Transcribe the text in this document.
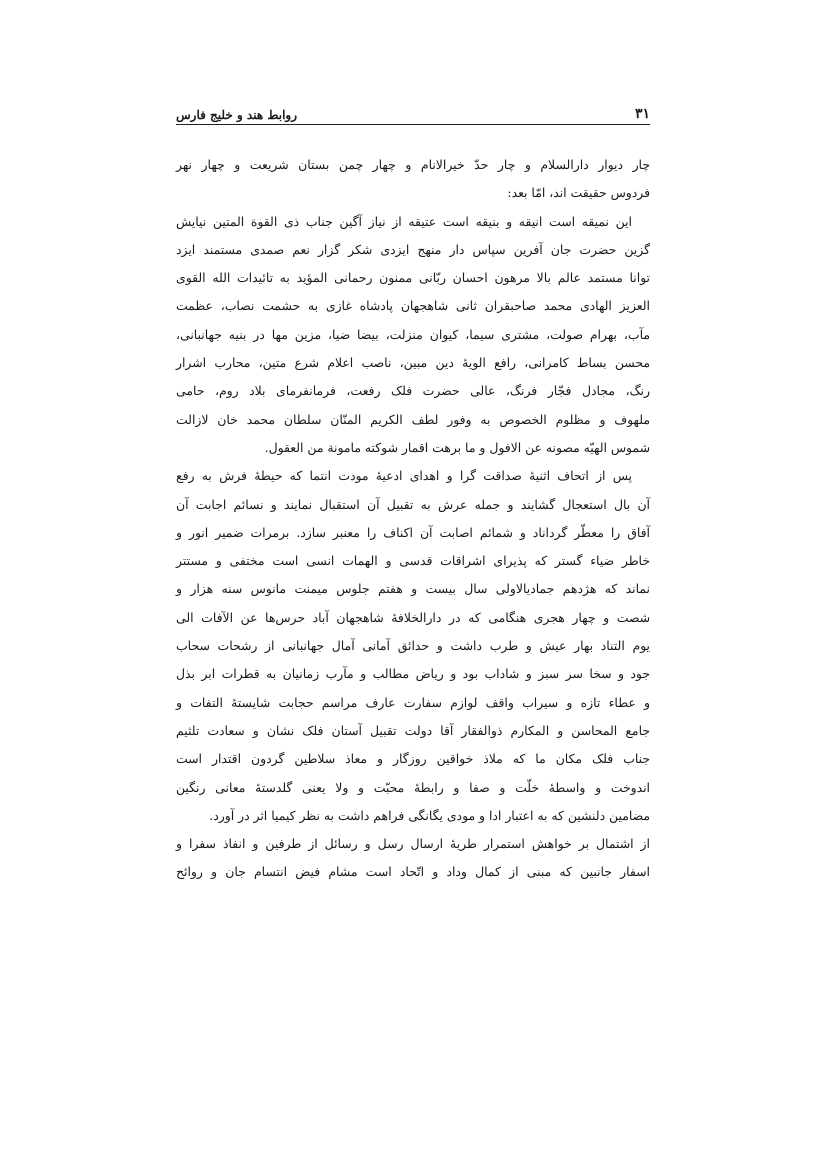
۳۱
روابط هند و خلیج فارس

چار دیوار دارالسلام و چار حدّ خیرالانام و چهار چمن بستان شریعت و چهار نهر

فردوس حقیقت اند، امّا بعد:

این نمیقه است انیقه و بنیقه است عتیقه از نیاز آگین جناب ذی القوة المتین نیایش

گزین حضرت جان آفرین سپاس دار منهج ایزدی شکر گزار نعم صمدی مستمند ایزد

توانا مستمد عالم بالا مرهون احسان ربّانی ممنون رحمانی المؤید به تائیدات الله القوی

العزیز الهادی محمد صاحبقران ثانی شاهجهان پادشاه غازی به حشمت نصاب، عظمت

مآب، بهرام صولت، مشتری سیما، کیوان منزلت، بیضا ضیا، مزین مها در بنیه جهانبانی،

محسن بساط کامرانی، رافع الویهٔ دین مبین، ناصب اعلام شرع متین، محارب اشرار

رنگ، مجادل فجّار فرنگ، عالی حضرت فلک رفعت، فرمانفرمای بلاد روم، حامی

ملهوف و مظلوم الخصوص به وفور لطف الکریم المنّان سلطان محمد خان لازالت

شموس الهیّه مصونه عن الافول و ما برهت اقمار شوکته مامونة من العقول.

پس از اتحاف اثنیهٔ صداقت گرا و اهدای ادعیهٔ مودت انتما که حیطهٔ فرش به رفع

آن بال استعجال گشایند و جمله عرش به تقبیل آن استقبال نمایند و نسائم اجابت آن

آفاق را معطّر گرداناد و شمائم اصابت آن اکناف را معنبر سازد. برمرات ضمیر انور و

خاطر ضیاء گستر که پذیرای اشراقات قدسی و الهمات انسی است مختفی و مستتر

نماند که هژدهم جمادیالاولی سال بیست و هفتم جلوس میمنت مانوس سنه هزار و

شصت و چهار هجری هنگامی که در دارالخلافهٔ شاهجهان آباد حرس‌ها عن الآفات الی

یوم التناد بهار عیش و طرب داشت و حدائق آمانی آمال جهانبانی از رشحات سحاب

جود و سخا سر سبز و شاداب بود و ریاض مطالب و مآرب زمانیان به قطرات ابر بذل

و عطاء تازه و سیراب واقف لوازم سفارت عارف مراسم حجابت شایستهٔ التفات و

جامع المحاسن و المکارم ذوالفقار آقا دولت تقبیل آستان فلک نشان و سعادت تلثیم

جناب فلک مکان ما که ملاذ خواقین روزگار و معاذ سلاطین گردون اقتدار است

اندوخت و واسطهٔ خلّت و صفا و رابطهٔ محبّت و ولا یعنی گلدستهٔ معانی رنگین

مضامین دلنشین که به اعتبار ادا و مودی یگانگی فراهم داشت به نظر کیمیا اثر در آورد.

از اشتمال بر خواهش استمرار طریهٔ ارسال رسل و رسائل از طرفین و انفاذ سفرا و

اسفار جانبین که مبنی از کمال وداد و اتّحاد است مشام فیض انتسام جان و روائح
